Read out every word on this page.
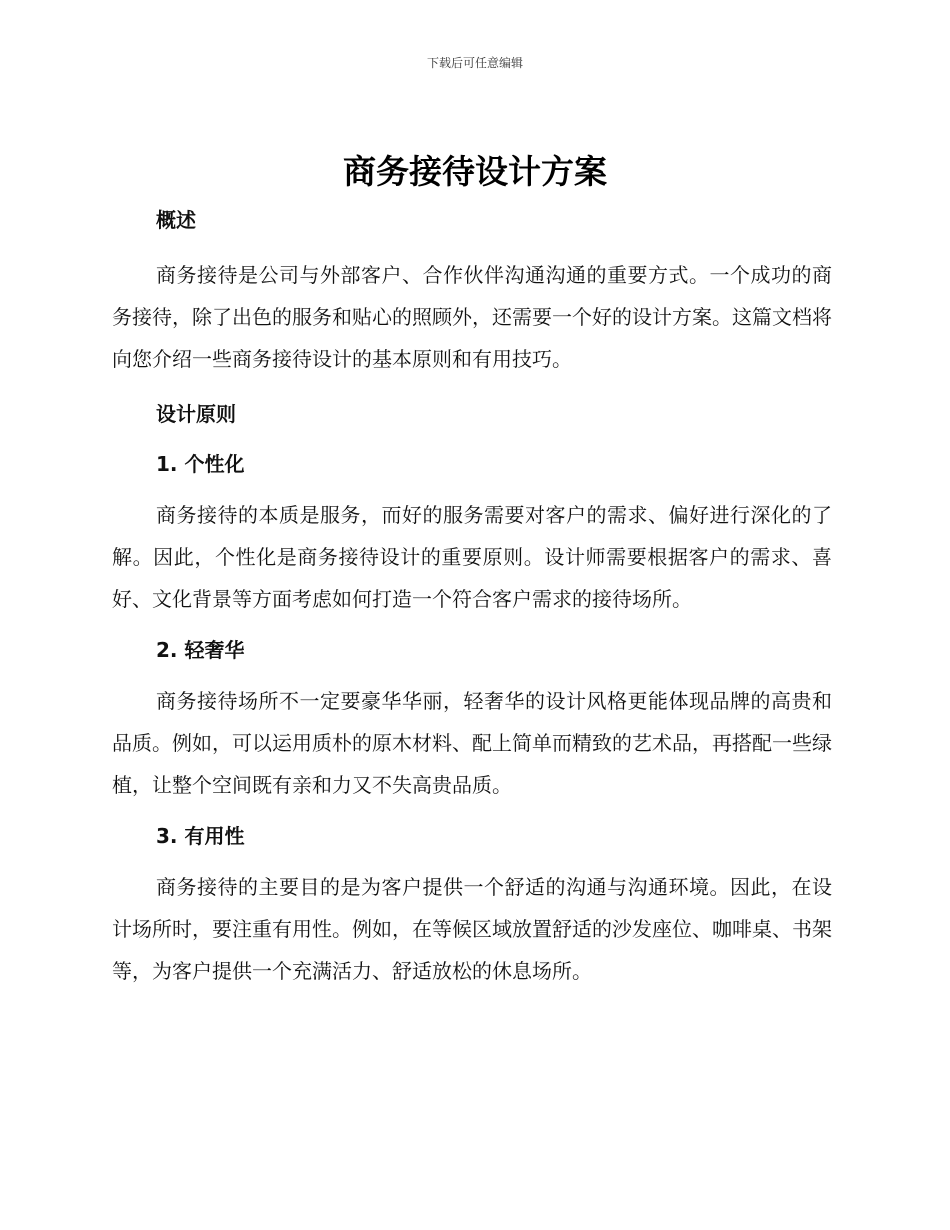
下载后可任意编辑
商务接待设计方案
概述

商务接待是公司与外部客户、合作伙伴沟通沟通的重要方式。一个成功的商务接待，除了出色的服务和贴心的照顾外，还需要一个好的设计方案。这篇文档将向您介绍一些商务接待设计的基本原则和有用技巧。

设计原则
1. 个性化

商务接待的本质是服务，而好的服务需要对客户的需求、偏好进行深化的了解。因此，个性化是商务接待设计的重要原则。设计师需要根据客户的需求、喜好、文化背景等方面考虑如何打造一个符合客户需求的接待场所。

2. 轻奢华

商务接待场所不一定要豪华华丽，轻奢华的设计风格更能体现品牌的高贵和品质。例如，可以运用质朴的原木材料、配上简单而精致的艺术品，再搭配一些绿植，让整个空间既有亲和力又不失高贵品质。

3. 有用性

商务接待的主要目的是为客户提供一个舒适的沟通与沟通环境。因此，在设计场所时，要注重有用性。例如，在等候区域放置舒适的沙发座位、咖啡桌、书架等，为客户提供一个充满活力、舒适放松的休息场所。
